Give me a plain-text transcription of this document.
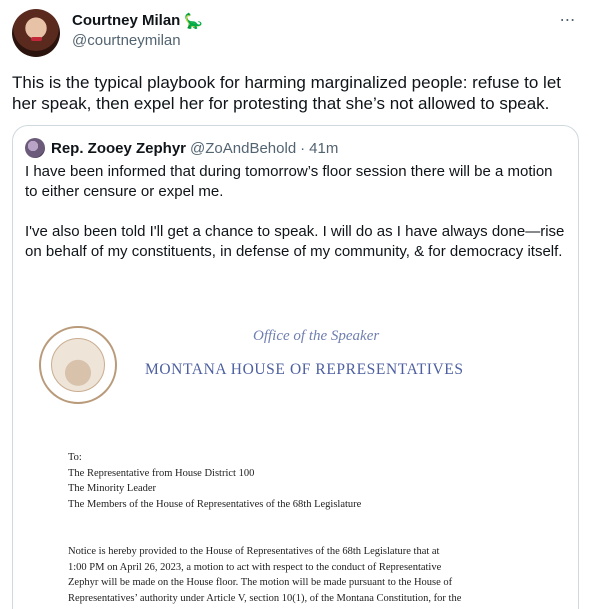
Courtney Milan 🦕
@courtneymilan
⋯
This is the typical playbook for harming marginalized people: refuse to let her speak, then expel her for protesting that she’s not allowed to speak.
Rep. Zooey Zephyr @ZoAndBehold · 41m

I have been informed that during tomorrow’s floor session there will be a motion to either censure or expel me.

I've also been told I'll get a chance to speak. I will do as I have always done—rise on behalf of my constituents, in defense of my community, & for democracy itself.

Office of the Speaker
MONTANA HOUSE OF REPRESENTATIVES
To:
The Representative from House District 100
The Minority Leader
The Members of the House of Representatives of the 68th Legislature
Notice is hereby provided to the House of Representatives of the 68th Legislature that at
1:00 PM on April 26, 2023, a motion to act with respect to the conduct of Representative
Zephyr will be made on the House floor. The motion will be made pursuant to the House of
Representatives’ authority under Article V, section 10(1), of the Montana Constitution, for the
